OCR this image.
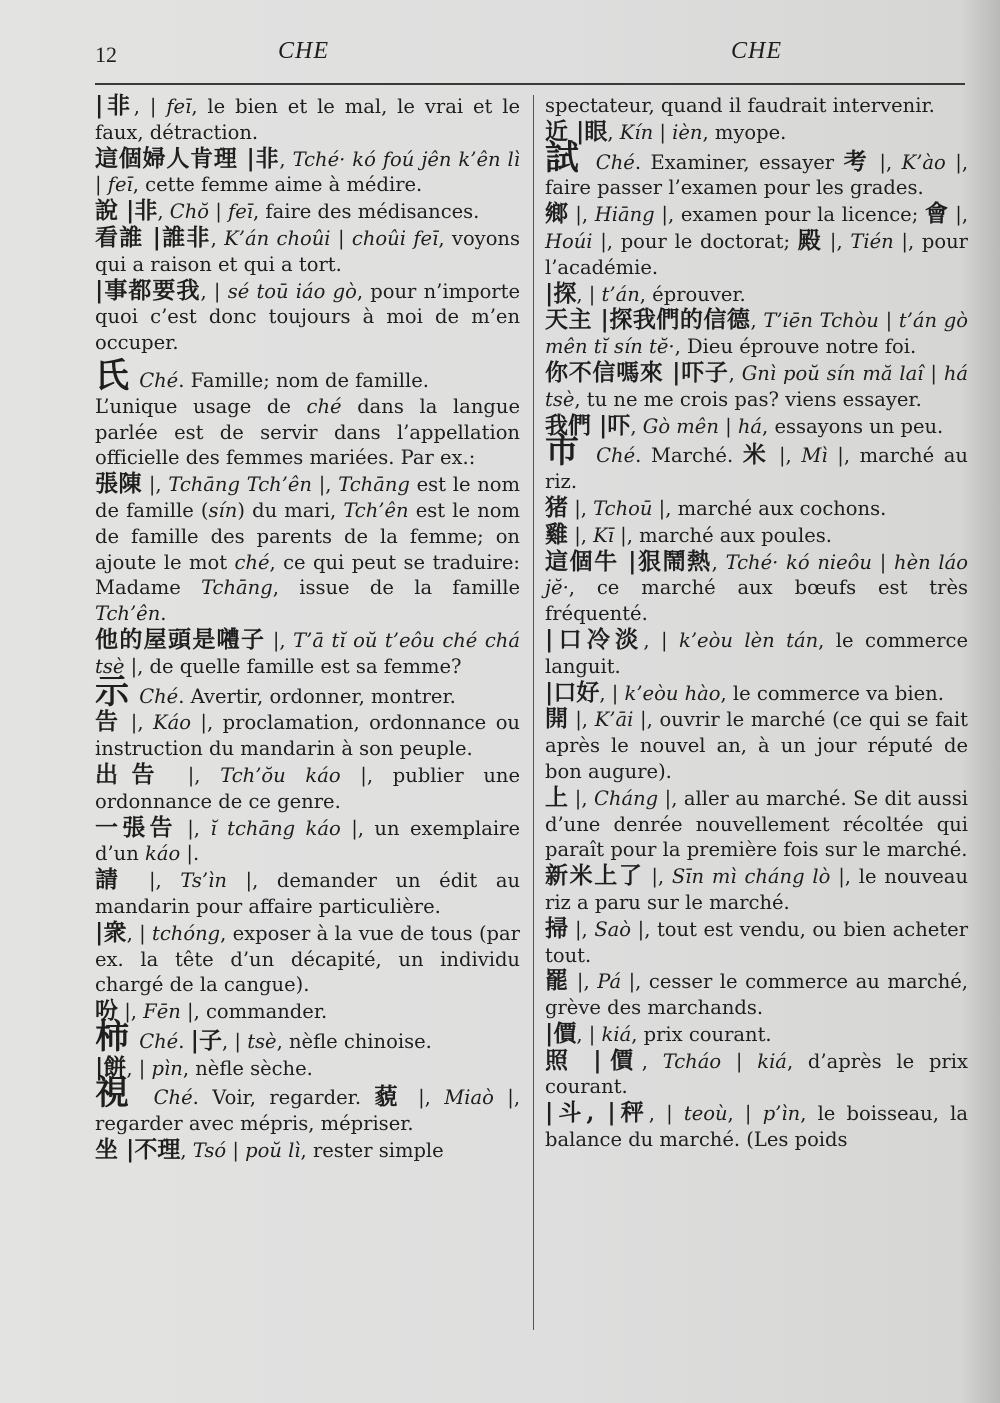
12	CHE	CHE

|非, | feī, le bien et le mal, le vrai et le faux, détraction.

這個婦人肯理 |非, Tché· kó foú jên k’ên lì | feī, cette femme aime à médire.

說 |非, Chŏ | feī, faire des médisances.

看誰 |誰非, K’án choûi | choûi feī, voyons qui a raison et qui a tort.

|事都要我, | sé toū iáo gò, pour n’importe quoi c’est donc toujours à moi de m’en occuper.

氏 Ché. Famille; nom de famille.

L’unique usage de ché dans la langue parlée est de servir dans l’appellation officielle des femmes mariées. Par ex.:

張陳 |, Tchāng Tch’ên |, Tchāng est le nom de famille (sín) du mari, Tch’ên est le nom de famille des parents de la femme; on ajoute le mot ché, ce qui peut se traduire: Madame Tchāng, issue de la famille Tch’ên.

他的屋頭是𡅏子 |, T’ā tĭ oŭ t’eôu ché chá tsè |, de quelle famille est sa femme?

示 Ché. Avertir, ordonner, montrer.

告 |, Káo |, proclamation, ordonnance ou instruction du mandarin à son peuple.

出告 |, Tch’ŏu káo |, publier une ordonnance de ce genre.

一張告 |, ĭ tchāng káo |, un exemplaire d’un káo |.

請 |, Ts’ìn |, demander un édit au mandarin pour affaire particulière.

|衆, | tchóng, exposer à la vue de tous (par ex. la tête d’un décapité, un individu chargé de la cangue).

吩 |, Fēn |, commander.

柿 Ché. |子, | tsè, nèfle chinoise.

|餅, | pìn, nèfle sèche.

視 Ché. Voir, regarder. 藐 |, Miaò |, regarder avec mépris, mépriser.

坐 |不理, Tsó | poŭ lì, rester simple

spectateur, quand il faudrait intervenir.

近 |眼, Kín | ièn, myope.

試 Ché. Examiner, essayer 考 |, K’ào |, faire passer l’examen pour les grades.

鄉 |, Hiāng |, examen pour la licence; 會 |, Hoúi |, pour le doctorat; 殿 |, Tién |, pour l’académie.

|探, | t’án, éprouver.

天主 |探我們的信德, T’iēn Tchòu | t’án gò mên tĭ sín tĕ·, Dieu éprouve notre foi.

你不信嗎來 |吓子, Gnì poŭ sín mă laî | há tsè, tu ne me crois pas? viens essayer.

我們 |吓, Gò mên | há, essayons un peu.

市 Ché. Marché. 米 |, Mì |, marché au riz.

猪 |, Tchoū |, marché aux cochons.

雞 |, Kī |, marché aux poules.

這個牛 |狠鬧熱, Tché· kó nieôu | hèn láo jĕ·, ce marché aux bœufs est très fréquenté.

|口冷淡, | k’eòu lèn tán, le commerce languit.

|口好, | k’eòu hào, le commerce va bien.

開 |, K’āi |, ouvrir le marché (ce qui se fait après le nouvel an, à un jour réputé de bon augure).

上 |, Cháng |, aller au marché. Se dit aussi d’une denrée nouvellement récoltée qui paraît pour la première fois sur le marché.

新米上了 |, Sīn mì cháng lò |, le nouveau riz a paru sur le marché.

掃 |, Saò |, tout est vendu, ou bien acheter tout.

罷 |, Pá |, cesser le commerce au marché, grève des marchands.

|價, | kiá, prix courant.

照 |價, Tcháo | kiá, d’après le prix courant.

|斗, |秤, | teoù, | p’ìn, le boisseau, la balance du marché. (Les poids
